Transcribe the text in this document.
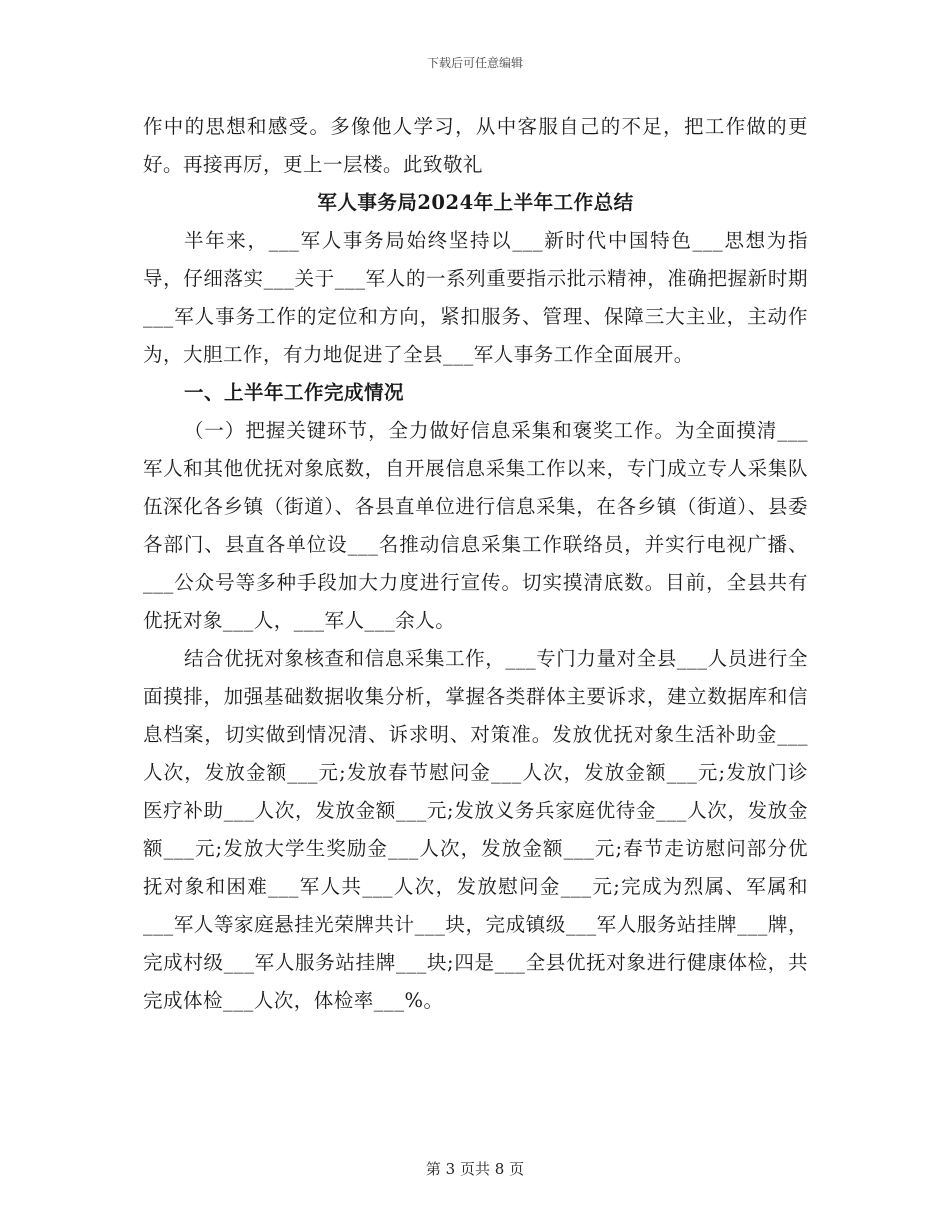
下载后可任意编辑

作中的思想和感受。多像他人学习，从中客服自己的不足，把工作做的更好。再接再厉，更上一层楼。此致敬礼

军人事务局2024年上半年工作总结

半年来，___军人事务局始终坚持以___新时代中国特色___思想为指导，仔细落实___关于___军人的一系列重要指示批示精神，准确把握新时期___军人事务工作的定位和方向，紧扣服务、管理、保障三大主业，主动作为，大胆工作，有力地促进了全县___军人事务工作全面展开。

一、上半年工作完成情况

（一）把握关键环节，全力做好信息采集和褒奖工作。为全面摸清___军人和其他优抚对象底数，自开展信息采集工作以来，专门成立专人采集队伍深化各乡镇（街道）、各县直单位进行信息采集，在各乡镇（街道）、县委各部门、县直各单位设___名推动信息采集工作联络员，并实行电视广播、___公众号等多种手段加大力度进行宣传。切实摸清底数。目前，全县共有优抚对象___人，___军人___余人。

结合优抚对象核查和信息采集工作，___专门力量对全县___人员进行全面摸排，加强基础数据收集分析，掌握各类群体主要诉求，建立数据库和信息档案，切实做到情况清、诉求明、对策准。发放优抚对象生活补助金___人次，发放金额___元;发放春节慰问金___人次，发放金额___元;发放门诊医疗补助___人次，发放金额___元;发放义务兵家庭优待金___人次，发放金额___元;发放大学生奖励金___人次，发放金额___元;春节走访慰问部分优抚对象和困难___军人共___人次，发放慰问金___元;完成为烈属、军属和___军人等家庭悬挂光荣牌共计___块，完成镇级___军人服务站挂牌___牌，完成村级___军人服务站挂牌___块;四是___全县优抚对象进行健康体检，共完成体检___人次，体检率___%。

第 3 页共 8 页
